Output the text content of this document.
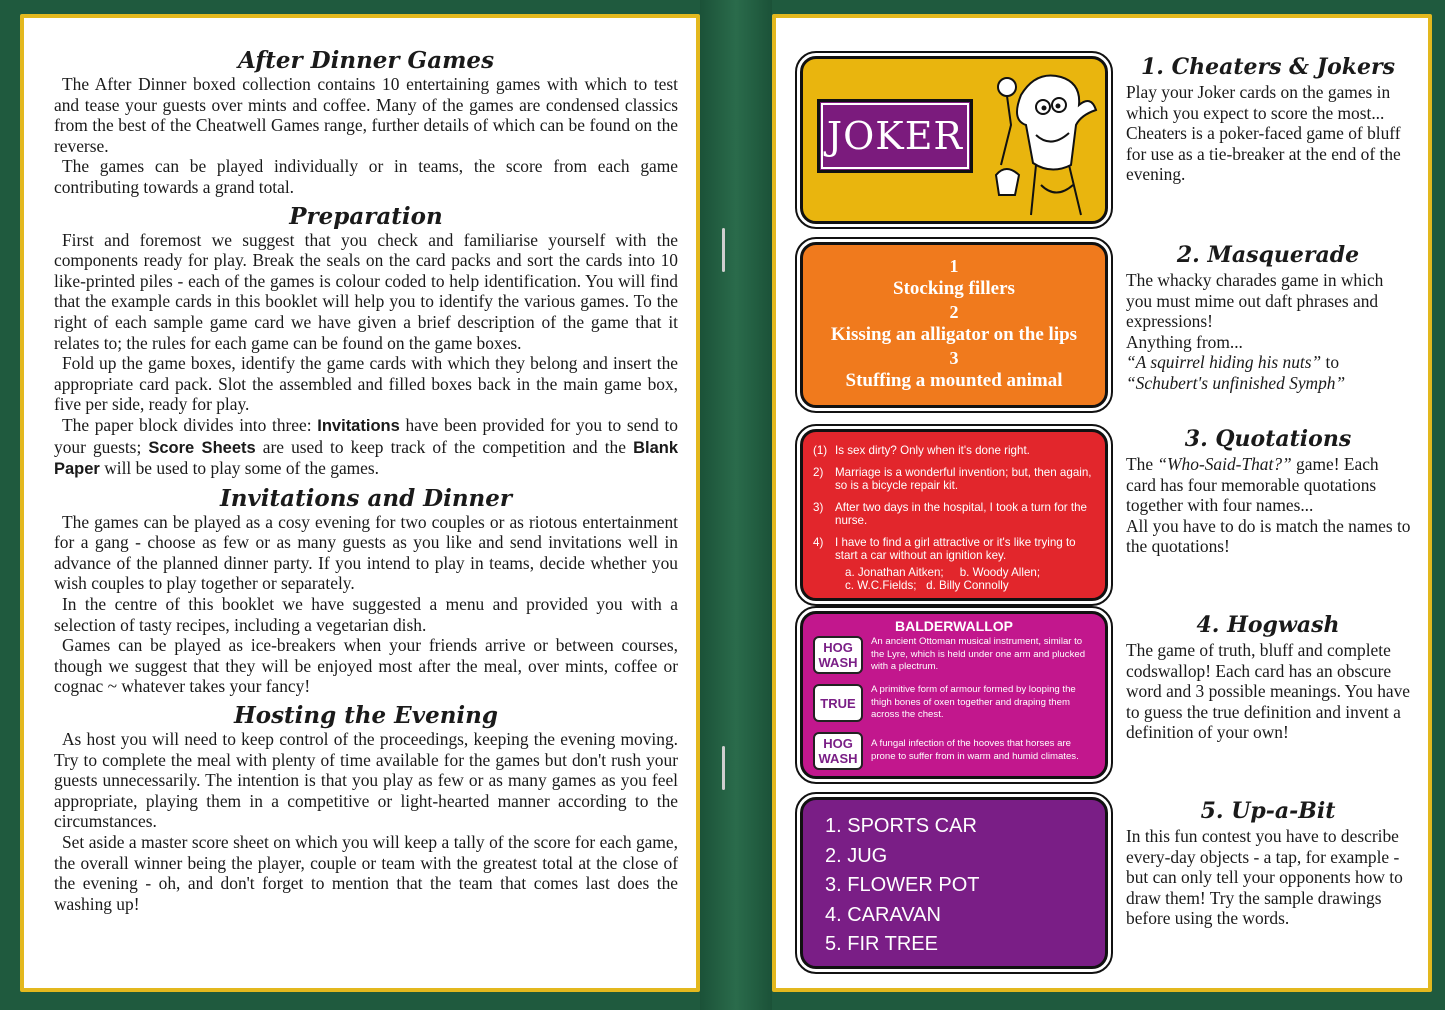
After Dinner Games

The After Dinner boxed collection contains 10 entertaining games with which to test and tease your guests over mints and coffee. Many of the games are condensed classics from the best of the Cheatwell Games range, further details of which can be found on the reverse.

The games can be played individually or in teams, the score from each game contributing towards a grand total.

Preparation

First and foremost we suggest that you check and familiarise yourself with the components ready for play. Break the seals on the card packs and sort the cards into 10 like-printed piles - each of the games is colour coded to help identification. You will find that the example cards in this booklet will help you to identify the various games. To the right of each sample game card we have given a brief description of the game that it relates to; the rules for each game can be found on the game boxes.

Fold up the game boxes, identify the game cards with which they belong and insert the appropriate card pack. Slot the assembled and filled boxes back in the main game box, five per side, ready for play.

The paper block divides into three: Invitations have been provided for you to send to your guests; Score Sheets are used to keep track of the competition and the Blank Paper will be used to play some of the games.

Invitations and Dinner

The games can be played as a cosy evening for two couples or as riotous entertainment for a gang - choose as few or as many guests as you like and send invitations well in advance of the planned dinner party. If you intend to play in teams, decide whether you wish couples to play together or separately.

In the centre of this booklet we have suggested a menu and provided you with a selection of tasty recipes, including a vegetarian dish.

Games can be played as ice-breakers when your friends arrive or between courses, though we suggest that they will be enjoyed most after the meal, over mints, coffee or cognac ~ whatever takes your fancy!

Hosting the Evening

As host you will need to keep control of the proceedings, keeping the evening moving. Try to complete the meal with plenty of time available for the games but don't rush your guests unnecessarily. The intention is that you play as few or as many games as you feel appropriate, playing them in a competitive or light-hearted manner according to the circumstances.

Set aside a master score sheet on which you will keep a tally of the score for each game, the overall winner being the player, couple or team with the greatest total at the close of the evening - oh, and don't forget to mention that the team that comes last does the washing up!

JOKER
1
Stocking fillers
2
Kissing an alligator on the lips
3
Stuffing a mounted animal
(1) Is sex dirty? Only when it's done right.
2)	Marriage is a wonderful invention; but, then again, so is a bicycle repair kit.
3)	After two days in the hospital, I took a turn for the nurse.
4)	I have to find a girl attractive or it's like trying to start a car without an ignition key.
a. Jonathan Aitken;     b. Woody Allen;
c. W.C.Fields;   d. Billy Connolly
BALDERWALLOP
HOG
WASH
An ancient Ottoman musical instrument, similar to the Lyre, which is held under one arm and plucked with a plectrum.
TRUE
A primitive form of armour formed by looping the thigh bones of oxen together and draping them across the chest.
HOG
WASH
A fungal infection of the hooves that horses are prone to suffer from in warm and humid climates.
1. SPORTS CAR
2. JUG
3. FLOWER POT
4. CARAVAN
5. FIR TREE
1. Cheaters & Jokers

Play your Joker cards on the games in which you expect to score the most...

Cheaters is a poker-faced game of bluff for use as a tie-breaker at the end of the evening.

2. Masquerade

The whacky charades game in which you must mime out daft phrases and expressions!

Anything from...

“A squirrel hiding his nuts” to

“Schubert's unfinished Symph”

3. Quotations

The “Who-Said-That?” game! Each card has four memorable quotations together with four names...

All you have to do is match the names to the quotations!

4. Hogwash

The game of truth, bluff and complete codswallop! Each card has an obscure word and 3 possible meanings. You have to guess the true definition and invent a definition of your own!

5. Up-a-Bit

In this fun contest you have to describe every-day objects - a tap, for example - but can only tell your opponents how to draw them! Try the sample drawings before using the words.
